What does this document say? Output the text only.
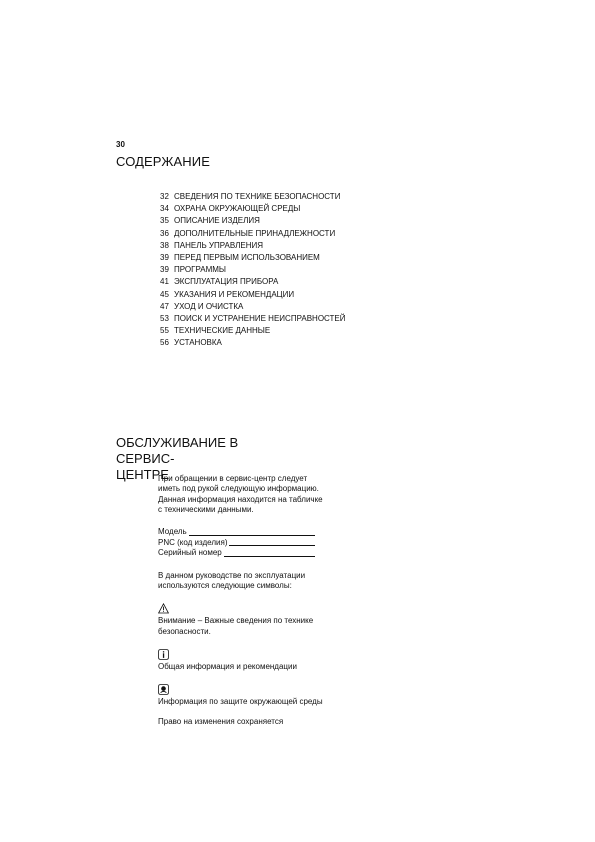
30
СОДЕРЖАНИЕ
32 СВЕДЕНИЯ ПО ТЕХНИКЕ БЕЗОПАСНОСТИ
34 ОХРАНА ОКРУЖАЮЩЕЙ СРЕДЫ
35 ОПИСАНИЕ ИЗДЕЛИЯ
36 ДОПОЛНИТЕЛЬНЫЕ ПРИНАДЛЕЖНОСТИ
38 ПАНЕЛЬ УПРАВЛЕНИЯ
39 ПЕРЕД ПЕРВЫМ ИСПОЛЬЗОВАНИЕМ
39 ПРОГРАММЫ
41 ЭКСПЛУАТАЦИЯ ПРИБОРА
45 УКАЗАНИЯ И РЕКОМЕНДАЦИИ
47 УХОД И ОЧИСТКА
53 ПОИСК И УСТРАНЕНИЕ НЕИСПРАВНОСТЕЙ
55 ТЕХНИЧЕСКИЕ ДАННЫЕ
56 УСТАНОВКА
ОБСЛУЖИВАНИЕ В СЕРВИС-
ЦЕНТРЕ
При обращении в сервис-центр следует
иметь под рукой следующую информацию.
Данная информация находится на табличке
с техническими данными.
Модель
PNC (код изделия)
Серийный номер
В данном руководстве по эксплуатации
используются следующие символы:
Внимание – Важные сведения по технике
безопасности.
Общая информация и рекомендации
Информация по защите окружающей среды
Право на изменения сохраняется
